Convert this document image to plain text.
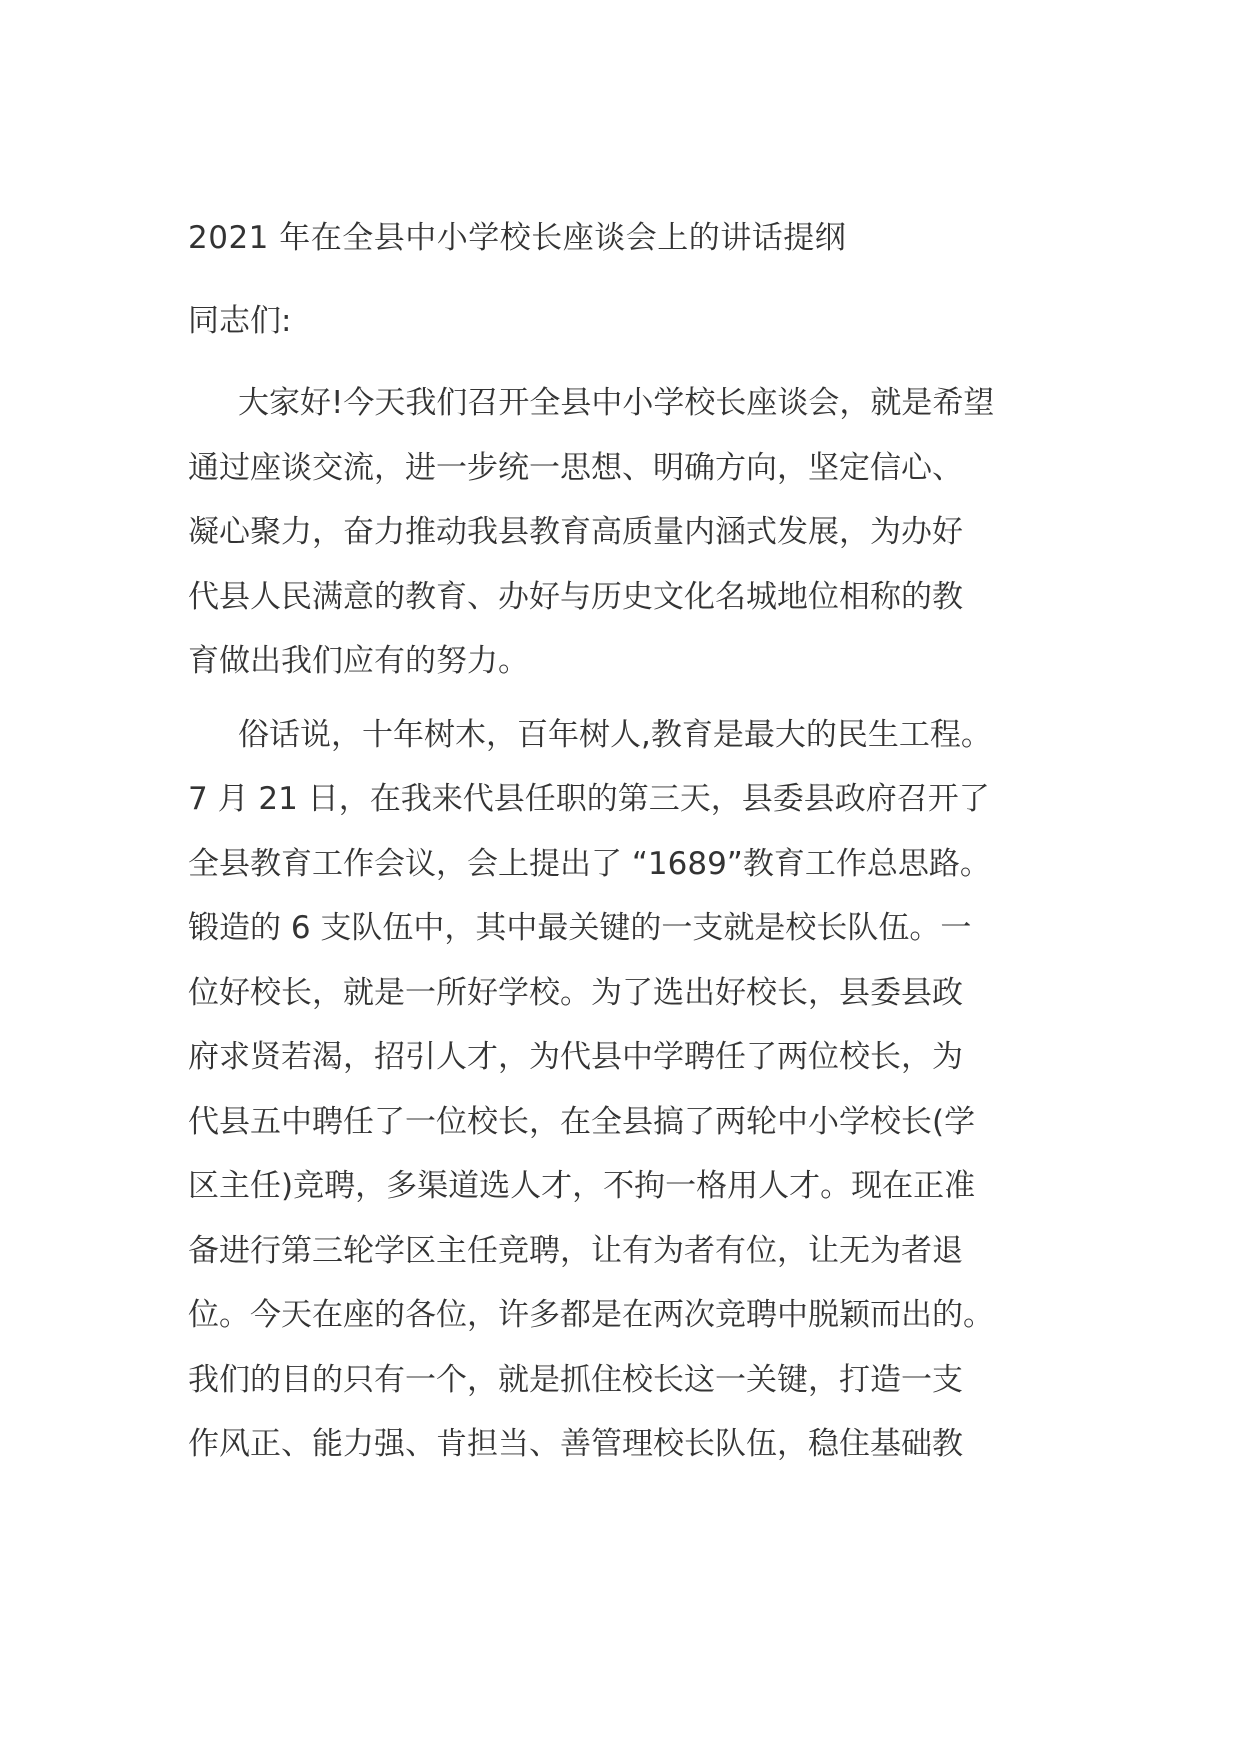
2021 年在全县中小学校长座谈会上的讲话提纲
同志们:

大家好!今天我们召开全县中小学校长座谈会，就是希望
通过座谈交流，进一步统一思想、明确方向，坚定信心、
凝心聚力，奋力推动我县教育高质量内涵式发展，为办好
代县人民满意的教育、办好与历史文化名城地位相称的教
育做出我们应有的努力。

俗话说，十年树木，百年树人,教育是最大的民生工程。
7 月 21 日，在我来代县任职的第三天，县委县政府召开了
全县教育工作会议，会上提出了 “1689”教育工作总思路。
锻造的 6 支队伍中，其中最关键的一支就是校长队伍。一
位好校长，就是一所好学校。为了选出好校长，县委县政
府求贤若渴，招引人才，为代县中学聘任了两位校长，为
代县五中聘任了一位校长，在全县搞了两轮中小学校长(学
区主任)竞聘，多渠道选人才，不拘一格用人才。现在正准
备进行第三轮学区主任竞聘，让有为者有位，让无为者退
位。今天在座的各位，许多都是在两次竞聘中脱颖而出的。
我们的目的只有一个，就是抓住校长这一关键，打造一支
作风正、能力强、肯担当、善管理校长队伍，稳住基础教
